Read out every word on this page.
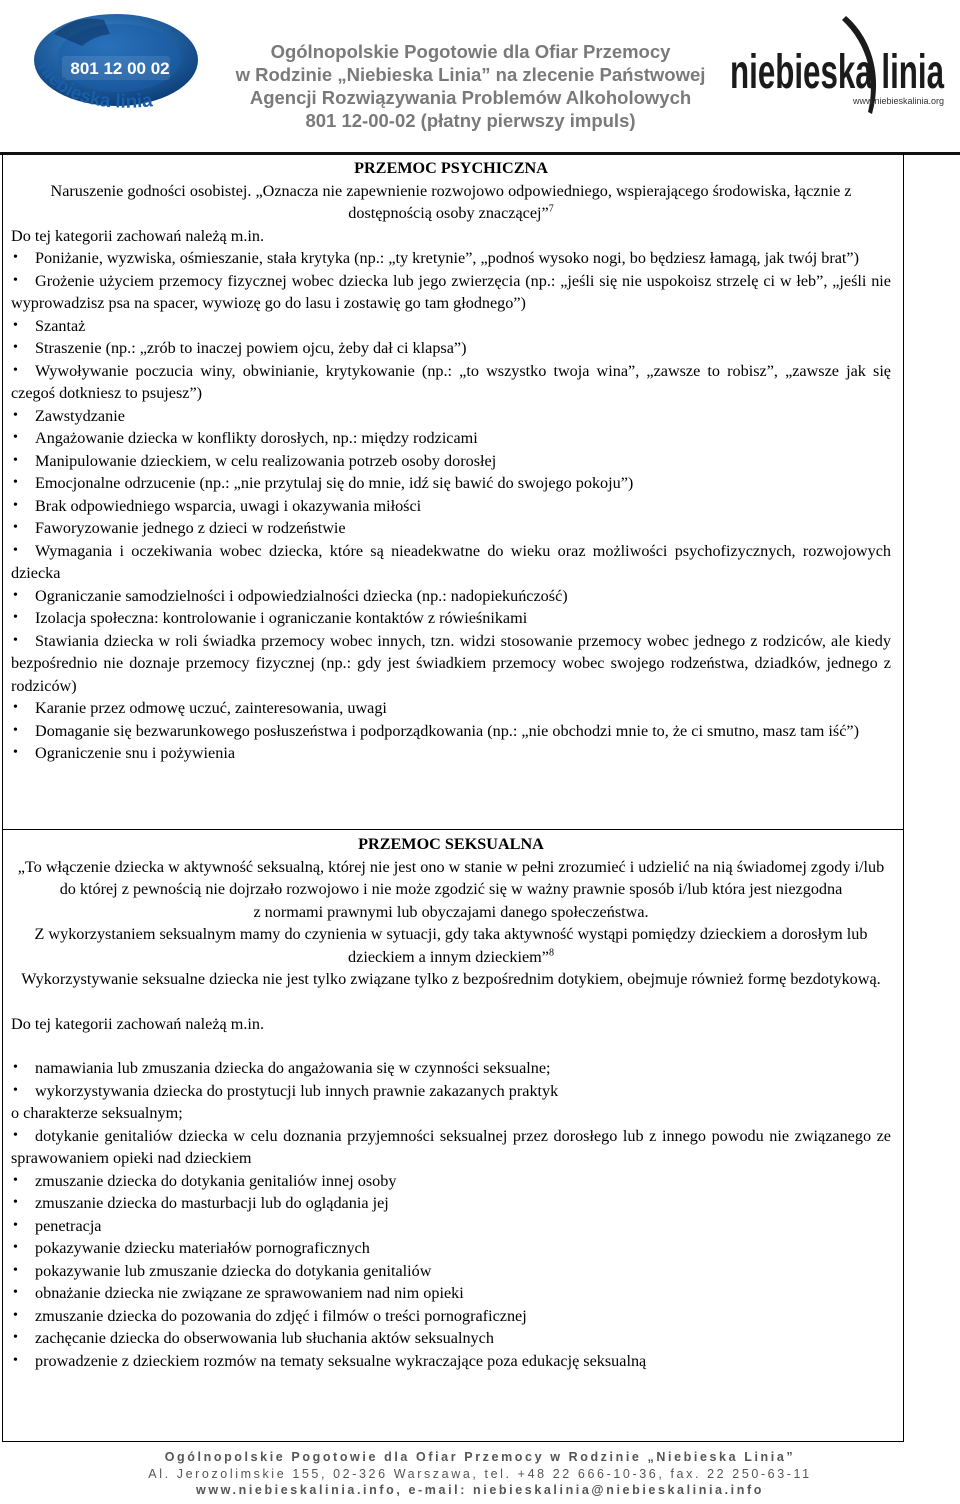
801 12 00 02
niebieska linia
Ogólnopolskie Pogotowie dla Ofiar Przemocy
w Rodzinie „Niebieska Linia” na zlecenie Państwowej
Agencji Rozwiązywania Problemów Alkoholowych
801 12-00-02 (płatny pierwszy impuls)
niebieska linia
www.niebieskalinia.org

PRZEMOC PSYCHICZNA

Naruszenie godności osobistej. „Oznacza nie zapewnienie rozwojowo odpowiedniego, wspierającego środowiska, łącznie z dostępnością osoby znaczącej”$^7$

Do tej kategorii zachowań należą m.in.

• Poniżanie, wyzwiska, ośmieszanie, stała krytyka (np.: „ty kretynie”, „podnoś wysoko nogi, bo będziesz łamagą, jak twój brat”)
• Grożenie użyciem przemocy fizycznej wobec dziecka lub jego zwierzęcia (np.: „jeśli się nie uspokoisz strzelę ci w łeb”, „jeśli nie wyprowadzisz psa na spacer, wywiozę go do lasu i zostawię go tam głodnego”)
• Szantaż
• Straszenie (np.: „zrób to inaczej powiem ojcu, żeby dał ci klapsa”)
• Wywoływanie poczucia winy, obwinianie, krytykowanie (np.: „to wszystko twoja wina”, „zawsze to robisz”, „zawsze jak się czegoś dotkniesz to psujesz”)
• Zawstydzanie
• Angażowanie dziecka w konflikty dorosłych, np.: między rodzicami
• Manipulowanie dzieckiem, w celu realizowania potrzeb osoby dorosłej
• Emocjonalne odrzucenie (np.: „nie przytulaj się do mnie, idź się bawić do swojego pokoju”)
• Brak odpowiedniego wsparcia, uwagi i okazywania miłości
• Faworyzowanie jednego z dzieci w rodzeństwie
• Wymagania i oczekiwania wobec dziecka, które są nieadekwatne do wieku oraz możliwości psychofizycznych, rozwojowych dziecka
• Ograniczanie samodzielności i odpowiedzialności dziecka (np.: nadopiekuńczość)
• Izolacja społeczna: kontrolowanie i ograniczanie kontaktów z rówieśnikami
• Stawiania dziecka w roli świadka przemocy wobec innych, tzn. widzi stosowanie przemocy wobec jednego z rodziców, ale kiedy bezpośrednio nie doznaje przemocy fizycznej (np.: gdy jest świadkiem przemocy wobec swojego rodzeństwa, dziadków, jednego z rodziców)
• Karanie przez odmowę uczuć, zainteresowania, uwagi
• Domaganie się bezwarunkowego posłuszeństwa i podporządkowania (np.: „nie obchodzi mnie to, że ci smutno, masz tam iść”)
• Ograniczenie snu i pożywienia

PRZEMOC SEKSUALNA

„To włączenie dziecka w aktywność seksualną, której nie jest ono w stanie w pełni zrozumieć i udzielić na nią świadomej zgody i/lub do której z pewnością nie dojrzało rozwojowo i nie może zgodzić się w ważny prawnie sposób i/lub która jest niezgodna

z normami prawnymi lub obyczajami danego społeczeństwa.

Z wykorzystaniem seksualnym mamy do czynienia w sytuacji, gdy taka aktywność wystąpi pomiędzy dzieckiem a dorosłym lub dzieckiem a innym dzieckiem”$^8$

Wykorzystywanie seksualne dziecka nie jest tylko związane tylko z bezpośrednim dotykiem, obejmuje również formę bezdotykową.

Do tej kategorii zachowań należą m.in.

• namawiania lub zmuszania dziecka do angażowania się w czynności seksualne;
• wykorzystywania dziecka do prostytucji lub innych prawnie zakazanych praktyk

o charakterze seksualnym;

• dotykanie genitaliów dziecka w celu doznania przyjemności seksualnej przez dorosłego lub z innego powodu nie związanego ze sprawowaniem opieki nad dzieckiem
• zmuszanie dziecka do dotykania genitaliów innej osoby
• zmuszanie dziecka do masturbacji lub do oglądania jej
• penetracja
• pokazywanie dziecku materiałów pornograficznych
• pokazywanie lub zmuszanie dziecka do dotykania genitaliów
• obnażanie dziecka nie związane ze sprawowaniem nad nim opieki
• zmuszanie dziecka do pozowania do zdjęć i filmów o treści pornograficznej
• zachęcanie dziecka do obserwowania lub słuchania aktów seksualnych
• prowadzenie z dzieckiem rozmów na tematy seksualne wykraczające poza edukację seksualną
Ogólnopolskie Pogotowie dla Ofiar Przemocy w Rodzinie „Niebieska Linia”
Al. Jerozolimskie 155, 02-326 Warszawa, tel. +48 22 666-10-36, fax. 22 250-63-11
www.niebieskalinia.info, e-mail: niebieskalinia@niebieskalinia.info
